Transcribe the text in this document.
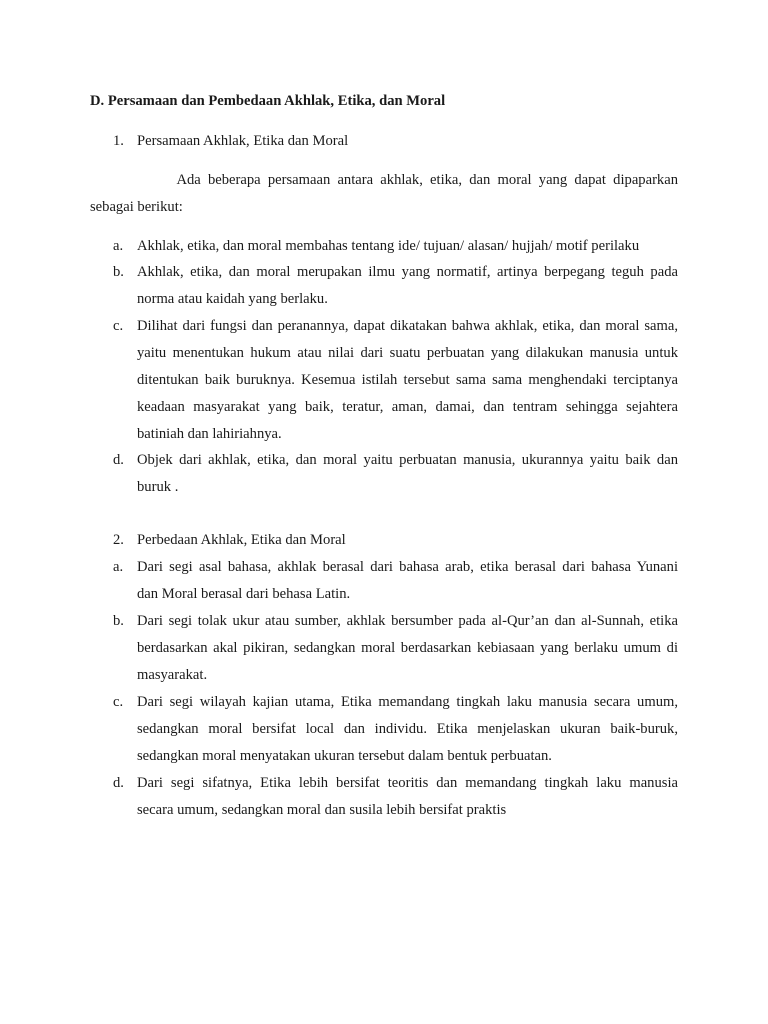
D. Persamaan dan Pembedaan Akhlak, Etika, dan Moral
1. Persamaan Akhlak, Etika dan Moral
Ada beberapa persamaan antara akhlak, etika, dan moral yang dapat dipaparkan
sebagai berikut:
a. Akhlak, etika, dan moral membahas tentang ide/ tujuan/ alasan/ hujjah/ motif perilaku
b. Akhlak, etika, dan moral merupakan ilmu yang normatif, artinya berpegang teguh pada
norma atau kaidah yang berlaku.
c. Dilihat dari fungsi dan peranannya, dapat dikatakan bahwa akhlak, etika, dan moral sama,
yaitu menentukan hukum atau nilai dari suatu perbuatan yang dilakukan manusia untuk
ditentukan baik buruknya. Kesemua istilah tersebut sama sama menghendaki terciptanya
keadaan masyarakat yang baik, teratur, aman, damai, dan tentram sehingga sejahtera
batiniah dan lahiriahnya.
d. Objek dari akhlak, etika, dan moral yaitu perbuatan manusia, ukurannya yaitu baik dan
buruk .
2. Perbedaan Akhlak, Etika dan Moral
a. Dari segi asal bahasa, akhlak berasal dari bahasa arab, etika berasal dari bahasa Yunani
dan Moral berasal dari behasa Latin.
b. Dari segi tolak ukur atau sumber, akhlak bersumber pada al-Qur’an dan al-Sunnah, etika
berdasarkan akal pikiran, sedangkan moral berdasarkan kebiasaan yang berlaku umum di
masyarakat.
c. Dari segi wilayah kajian utama, Etika memandang tingkah laku manusia secara umum,
sedangkan moral bersifat local dan individu. Etika menjelaskan ukuran baik-buruk,
sedangkan moral menyatakan ukuran tersebut dalam bentuk perbuatan.
d. Dari segi sifatnya, Etika lebih bersifat teoritis dan memandang tingkah laku manusia
secara umum, sedangkan moral dan susila lebih bersifat praktis
